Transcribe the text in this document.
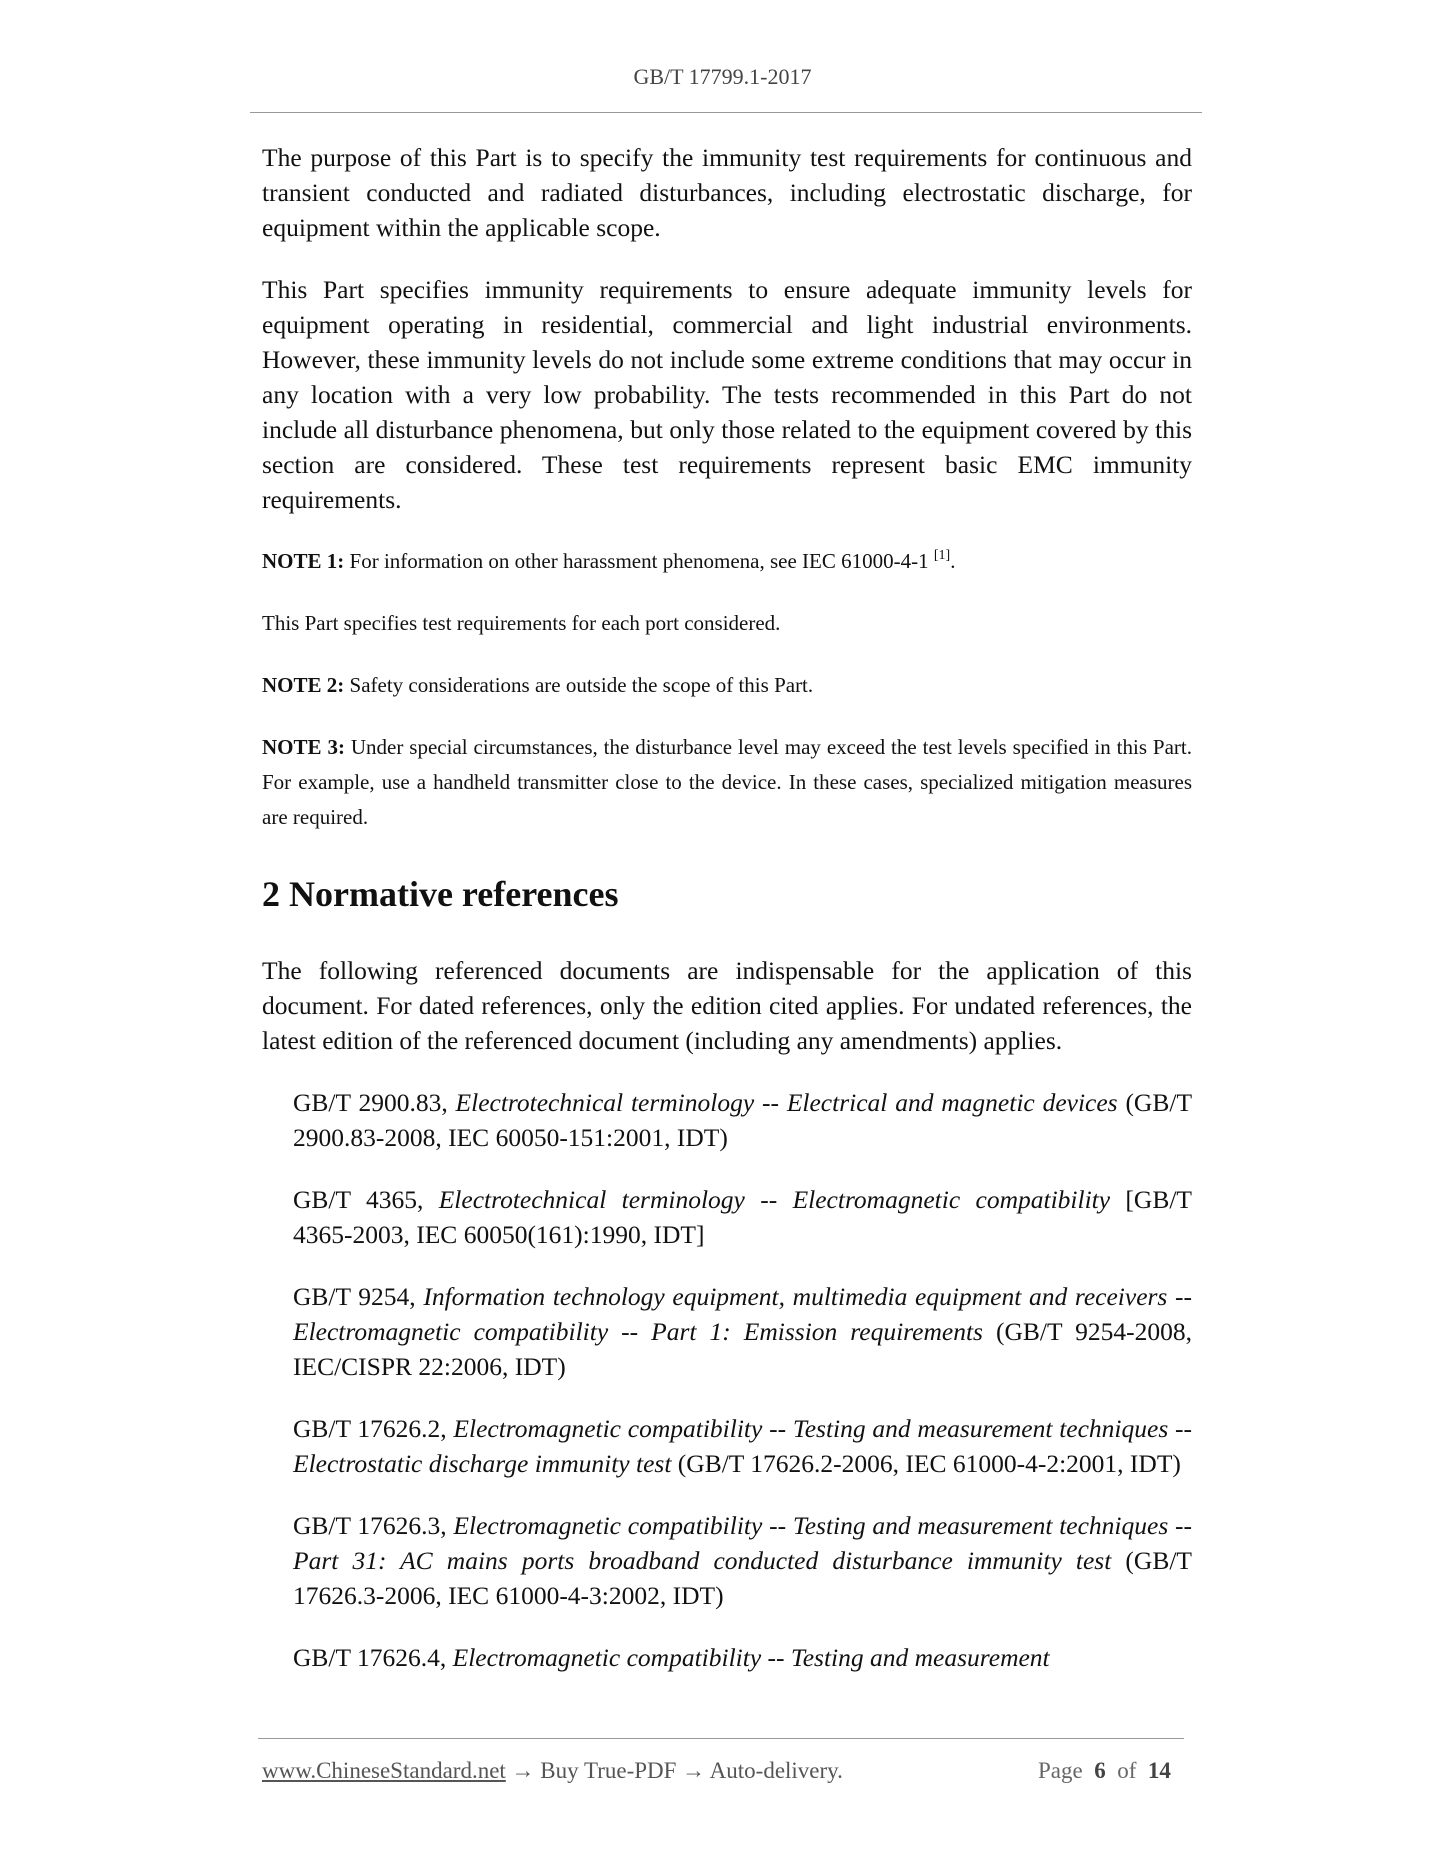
GB/T 17799.1-2017

The purpose of this Part is to specify the immunity test requirements for continuous and transient conducted and radiated disturbances, including electrostatic discharge, for equipment within the applicable scope.

This Part specifies immunity requirements to ensure adequate immunity levels for equipment operating in residential, commercial and light industrial environments. However, these immunity levels do not include some extreme conditions that may occur in any location with a very low probability. The tests recommended in this Part do not include all disturbance phenomena, but only those related to the equipment covered by this section are considered. These test requirements represent basic EMC immunity requirements.

NOTE 1: For information on other harassment phenomena, see IEC 61000-4-1 [1].

This Part specifies test requirements for each port considered.

NOTE 2: Safety considerations are outside the scope of this Part.

NOTE 3: Under special circumstances, the disturbance level may exceed the test levels specified in this Part. For example, use a handheld transmitter close to the device. In these cases, specialized mitigation measures are required.

2 Normative references

The following referenced documents are indispensable for the application of this document. For dated references, only the edition cited applies. For undated references, the latest edition of the referenced document (including any amendments) applies.

GB/T 2900.83, Electrotechnical terminology -- Electrical and magnetic devices (GB/T 2900.83-2008, IEC 60050-151:2001, IDT)

GB/T 4365, Electrotechnical terminology -- Electromagnetic compatibility [GB/T 4365-2003, IEC 60050(161):1990, IDT]

GB/T 9254, Information technology equipment, multimedia equipment and receivers -- Electromagnetic compatibility -- Part 1: Emission requirements (GB/T 9254-2008, IEC/CISPR 22:2006, IDT)

GB/T 17626.2, Electromagnetic compatibility -- Testing and measurement techniques -- Electrostatic discharge immunity test (GB/T 17626.2-2006, IEC 61000-4-2:2001, IDT)

GB/T 17626.3, Electromagnetic compatibility -- Testing and measurement techniques -- Part 31: AC mains ports broadband conducted disturbance immunity test (GB/T 17626.3-2006, IEC 61000-4-3:2002, IDT)

GB/T 17626.4, Electromagnetic compatibility -- Testing and measurement

www.ChineseStandard.net → Buy True-PDF → Auto-delivery.	Page 6 of 14
